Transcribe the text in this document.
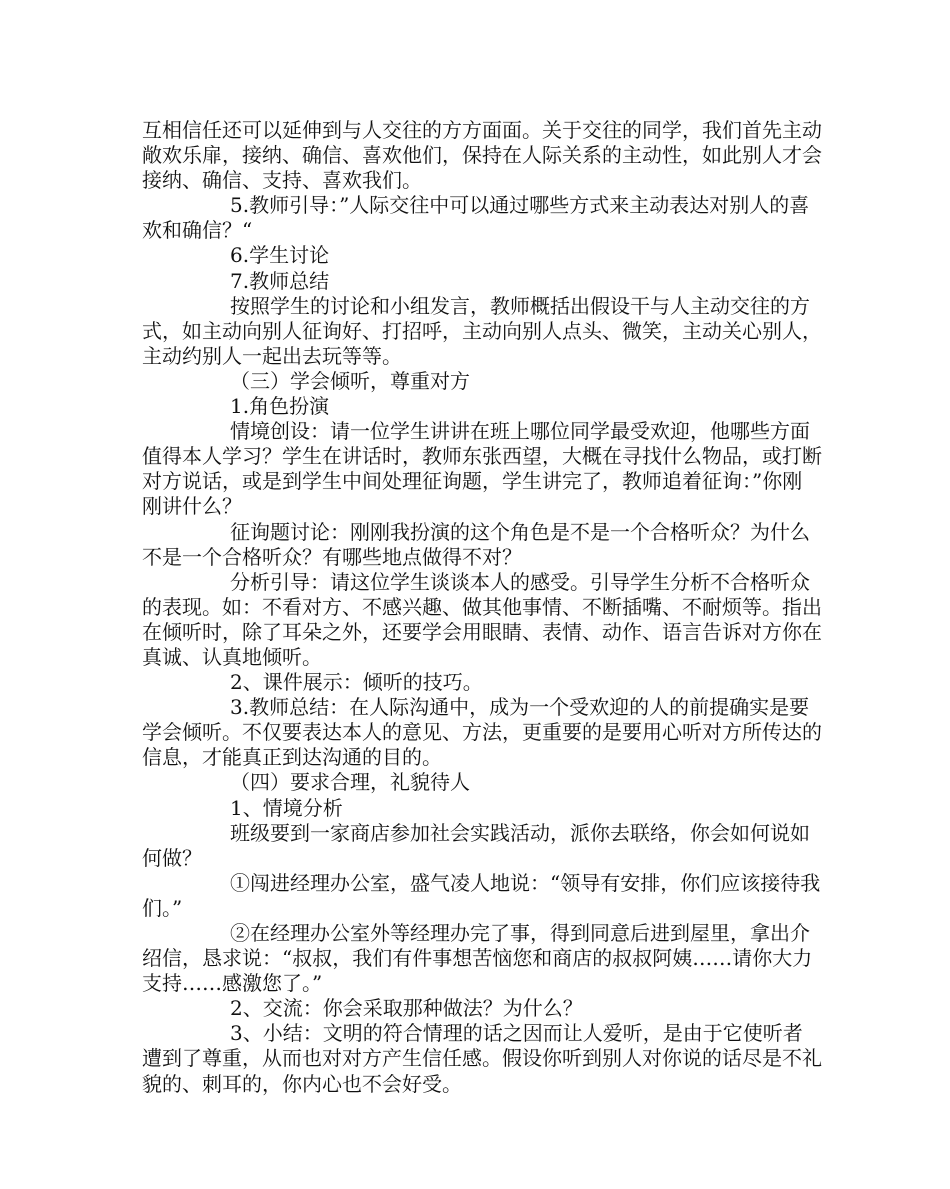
互相信任还可以延伸到与人交往的方方面面。关于交往的同学，我们首先主动敞欢乐扉，接纳、确信、喜欢他们，保持在人际关系的主动性，如此别人才会接纳、确信、支持、喜欢我们。

5.教师引导：”人际交往中可以通过哪些方式来主动表达对别人的喜欢和确信？“

6.学生讨论

7.教师总结

按照学生的讨论和小组发言，教师概括出假设干与人主动交往的方式，如主动向别人征询好、打招呼，主动向别人点头、微笑，主动关心别人，主动约别人一起出去玩等等。

（三）学会倾听，尊重对方

1.角色扮演

情境创设：请一位学生讲讲在班上哪位同学最受欢迎，他哪些方面值得本人学习？学生在讲话时，教师东张西望，大概在寻找什么物品，或打断对方说话，或是到学生中间处理征询题，学生讲完了，教师追着征询：”你刚刚讲什么？

征询题讨论：刚刚我扮演的这个角色是不是一个合格听众？为什么不是一个合格听众？有哪些地点做得不对？

分析引导：请这位学生谈谈本人的感受。引导学生分析不合格听众的表现。如：不看对方、不感兴趣、做其他事情、不断插嘴、不耐烦等。指出在倾听时，除了耳朵之外，还要学会用眼睛、表情、动作、语言告诉对方你在真诚、认真地倾听。

2、课件展示：倾听的技巧。

3.教师总结：在人际沟通中，成为一个受欢迎的人的前提确实是要学会倾听。不仅要表达本人的意见、方法，更重要的是要用心听对方所传达的信息，才能真正到达沟通的目的。

（四）要求合理，礼貌待人

1、情境分析

班级要到一家商店参加社会实践活动，派你去联络，你会如何说如何做？

①闯进经理办公室，盛气凌人地说：“领导有安排，你们应该接待我们。”

②在经理办公室外等经理办完了事，得到同意后进到屋里，拿出介绍信，恳求说：“叔叔，我们有件事想苦恼您和商店的叔叔阿姨……请你大力支持……感激您了。”

2、交流：你会采取那种做法？为什么？

3、小结：文明的符合情理的话之因而让人爱听，是由于它使听者遭到了尊重，从而也对对方产生信任感。假设你听到别人对你说的话尽是不礼貌的、刺耳的，你内心也不会好受。
